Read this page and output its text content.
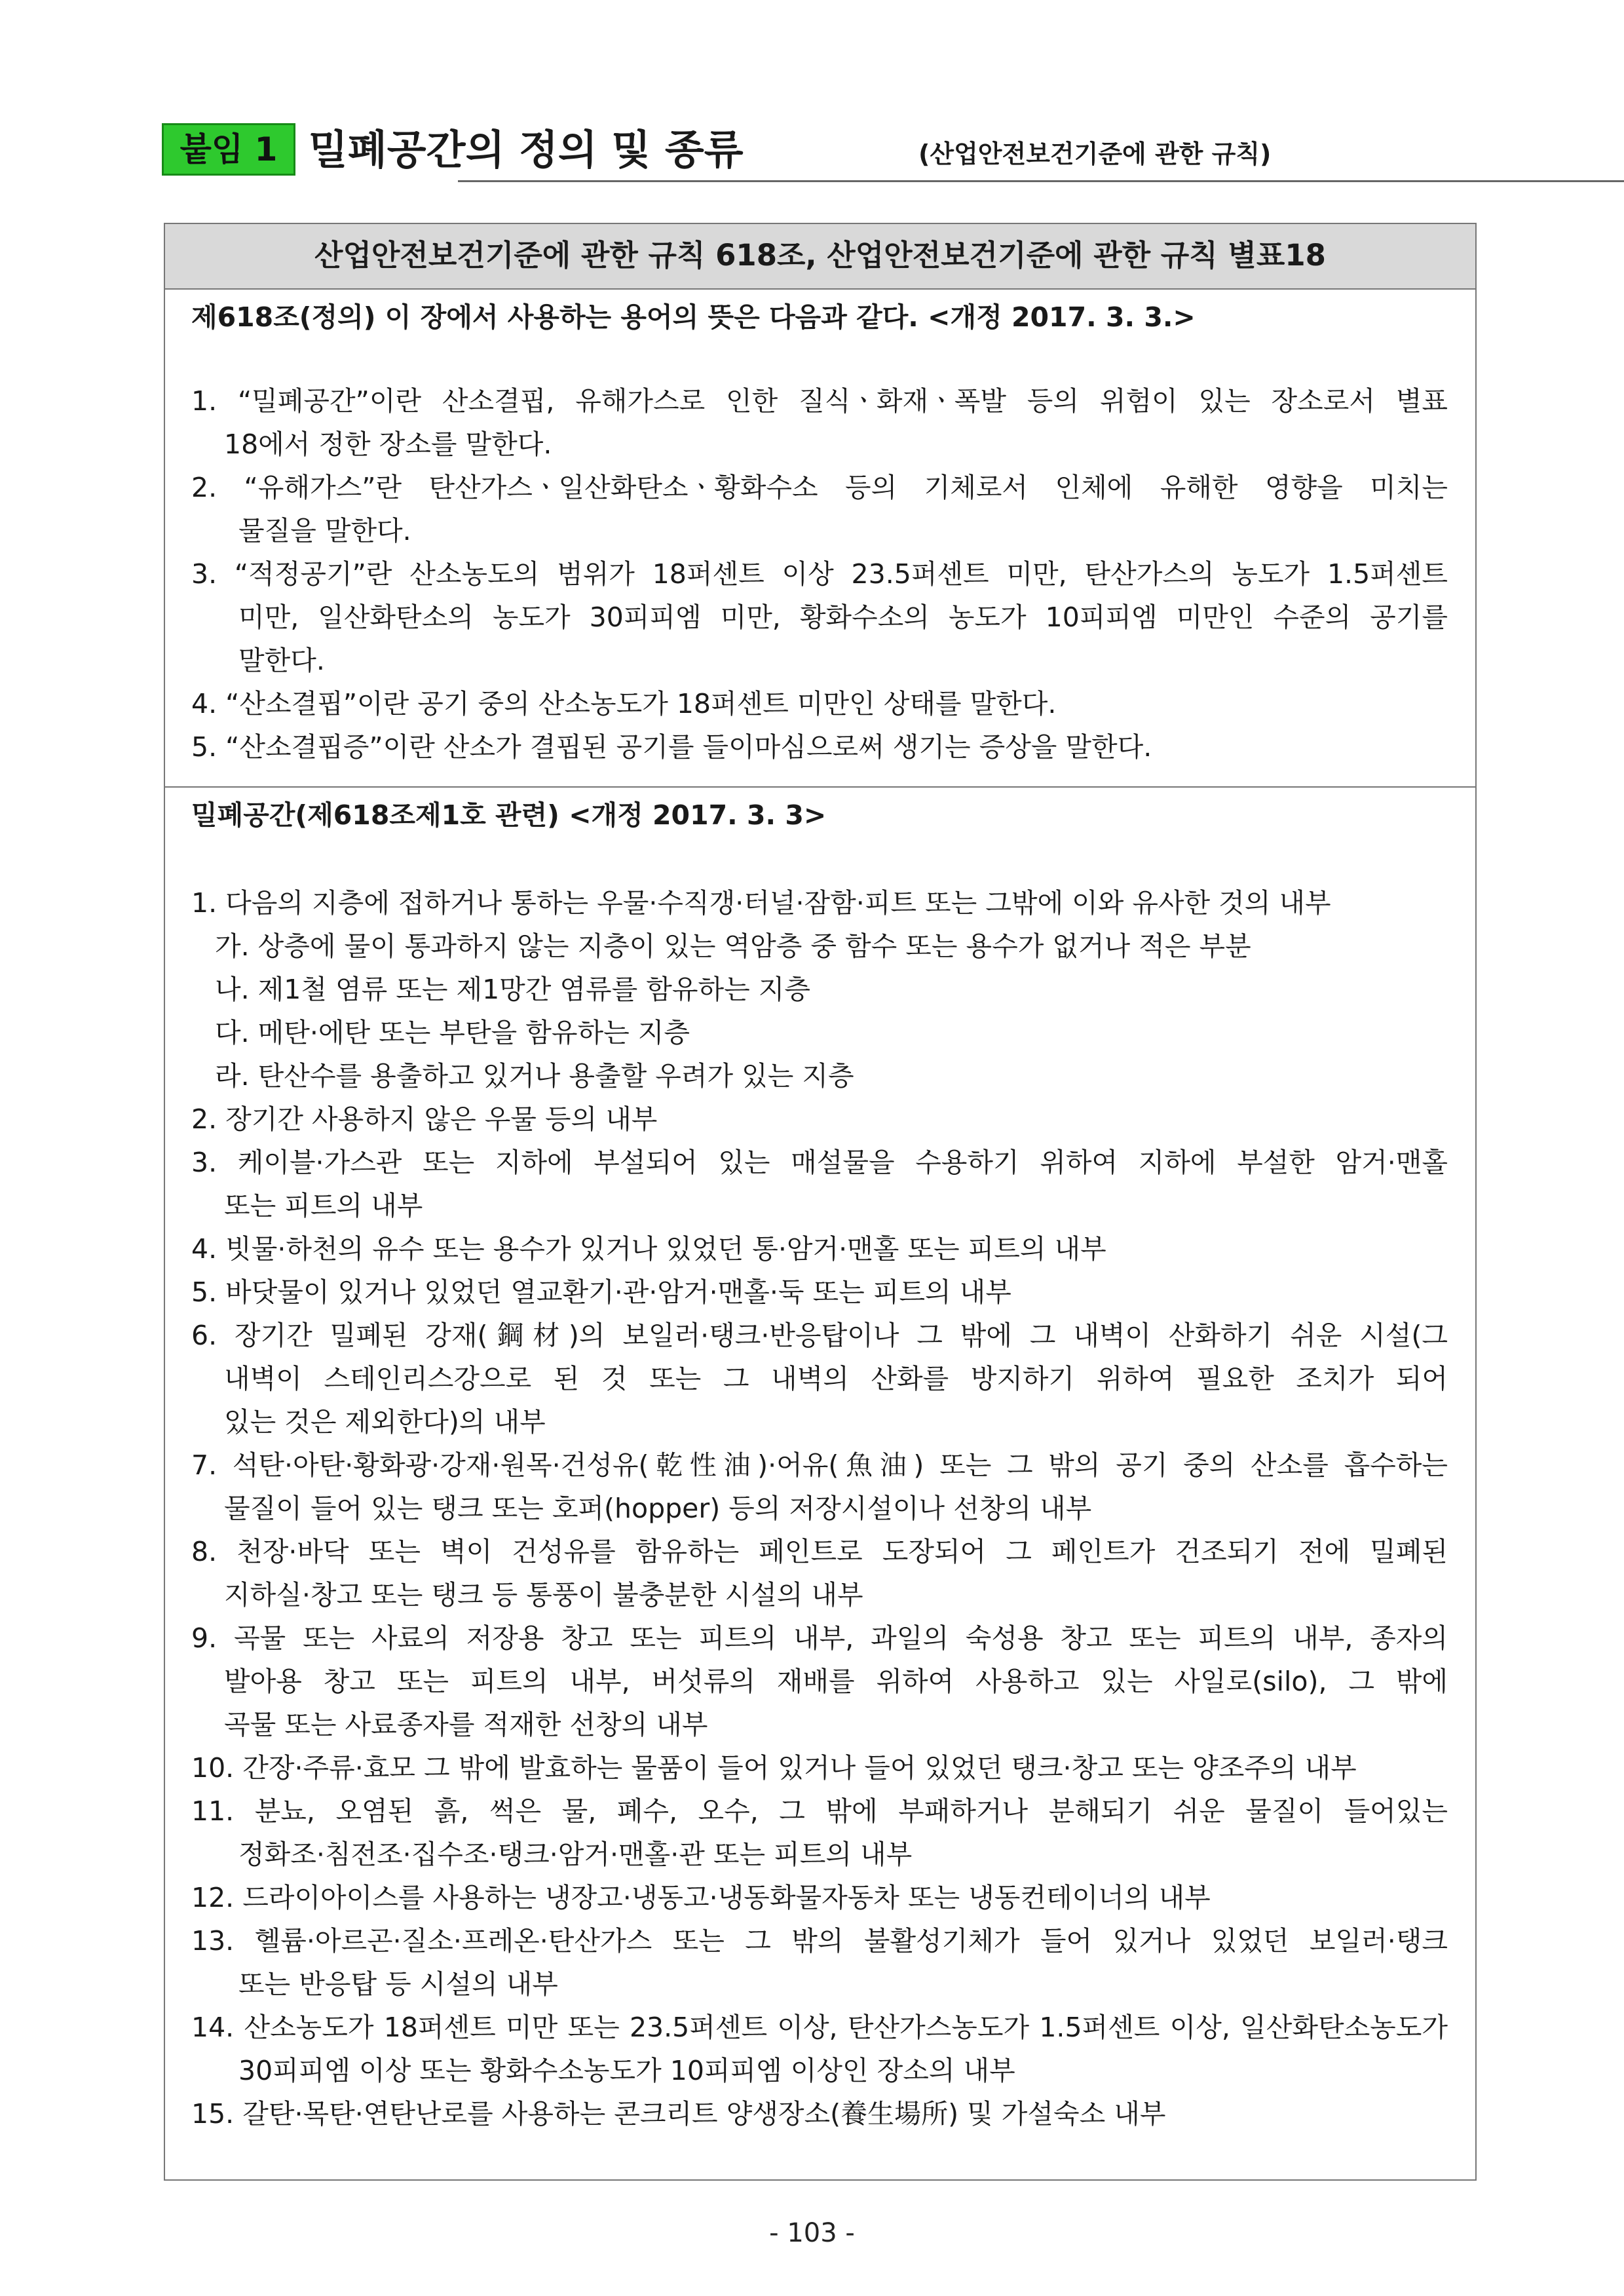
붙임 1 밀폐공간의 정의 및 종류	(산업안전보건기준에 관한 규칙)
산업안전보건기준에 관한 규칙 618조, 산업안전보건기준에 관한 규칙 별표18
제618조(정의) 이 장에서 사용하는 용어의 뜻은 다음과 같다. <개정 2017. 3. 3.>
1. “밀폐공간”이란 산소결핍, 유해가스로 인한 질식ㆍ화재ㆍ폭발 등의 위험이 있는 장소로서 별표
18에서 정한 장소를 말한다.
2. “유해가스”란 탄산가스ㆍ일산화탄소ㆍ황화수소 등의 기체로서 인체에 유해한 영향을 미치는
물질을 말한다.
3. “적정공기”란 산소농도의 범위가 18퍼센트 이상 23.5퍼센트 미만, 탄산가스의 농도가 1.5퍼센트
미만, 일산화탄소의 농도가 30피피엠 미만, 황화수소의 농도가 10피피엠 미만인 수준의 공기를
말한다.
4. “산소결핍”이란 공기 중의 산소농도가 18퍼센트 미만인 상태를 말한다.
5. “산소결핍증”이란 산소가 결핍된 공기를 들이마심으로써 생기는 증상을 말한다.
밀폐공간(제618조제1호 관련) <개정 2017. 3. 3>
1. 다음의 지층에 접하거나 통하는 우물·수직갱·터널·잠함·피트 또는 그밖에 이와 유사한 것의 내부
가. 상층에 물이 통과하지 않는 지층이 있는 역암층 중 함수 또는 용수가 없거나 적은 부분
나. 제1철 염류 또는 제1망간 염류를 함유하는 지층
다. 메탄·에탄 또는 부탄을 함유하는 지층
라. 탄산수를 용출하고 있거나 용출할 우려가 있는 지층
2. 장기간 사용하지 않은 우물 등의 내부
3. 케이블·가스관 또는 지하에 부설되어 있는 매설물을 수용하기 위하여 지하에 부설한 암거·맨홀
또는 피트의 내부
4. 빗물·하천의 유수 또는 용수가 있거나 있었던 통·암거·맨홀 또는 피트의 내부
5. 바닷물이 있거나 있었던 열교환기·관·암거·맨홀·둑 또는 피트의 내부
6. 장기간 밀폐된 강재(鋼材)의 보일러·탱크·반응탑이나 그 밖에 그 내벽이 산화하기 쉬운 시설(그
내벽이 스테인리스강으로 된 것 또는 그 내벽의 산화를 방지하기 위하여 필요한 조치가 되어
있는 것은 제외한다)의 내부
7. 석탄·아탄·황화광·강재·원목·건성유(乾性油)·어유(魚油) 또는 그 밖의 공기 중의 산소를 흡수하는
물질이 들어 있는 탱크 또는 호퍼(hopper) 등의 저장시설이나 선창의 내부
8. 천장·바닥 또는 벽이 건성유를 함유하는 페인트로 도장되어 그 페인트가 건조되기 전에 밀폐된
지하실·창고 또는 탱크 등 통풍이 불충분한 시설의 내부
9. 곡물 또는 사료의 저장용 창고 또는 피트의 내부, 과일의 숙성용 창고 또는 피트의 내부, 종자의
발아용 창고 또는 피트의 내부, 버섯류의 재배를 위하여 사용하고 있는 사일로(silo), 그 밖에
곡물 또는 사료종자를 적재한 선창의 내부
10. 간장·주류·효모 그 밖에 발효하는 물품이 들어 있거나 들어 있었던 탱크·창고 또는 양조주의 내부
11. 분뇨, 오염된 흙, 썩은 물, 폐수, 오수, 그 밖에 부패하거나 분해되기 쉬운 물질이 들어있는
정화조·침전조·집수조·탱크·암거·맨홀·관 또는 피트의 내부
12. 드라이아이스를 사용하는 냉장고·냉동고·냉동화물자동차 또는 냉동컨테이너의 내부
13. 헬륨·아르곤·질소·프레온·탄산가스 또는 그 밖의 불활성기체가 들어 있거나 있었던 보일러·탱크
또는 반응탑 등 시설의 내부
14. 산소농도가 18퍼센트 미만 또는 23.5퍼센트 이상, 탄산가스농도가 1.5퍼센트 이상, 일산화탄소농도가
30피피엠 이상 또는 황화수소농도가 10피피엠 이상인 장소의 내부
15. 갈탄·목탄·연탄난로를 사용하는 콘크리트 양생장소(養生場所) 및 가설숙소 내부
- 103 -
